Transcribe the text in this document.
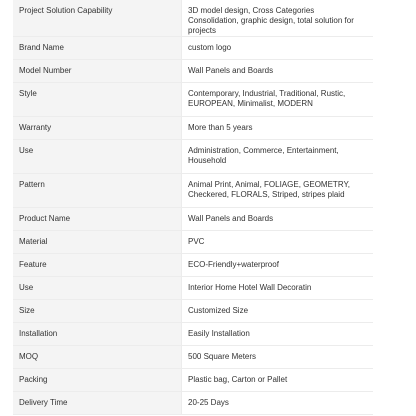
Project Solution Capability	3D model design, Cross Categories Consolidation, graphic design, total solution for projects
Brand Name	custom logo
Model Number	Wall Panels and Boards
Style	Contemporary, Industrial, Traditional, Rustic, EUROPEAN, Minimalist, MODERN
Warranty	More than 5 years
Use	Administration, Commerce, Entertainment, Household
Pattern	Animal Print, Animal, FOLIAGE, GEOMETRY, Checkered, FLORALS, Striped, stripes plaid
Product Name	Wall Panels and Boards
Material	PVC
Feature	ECO-Friendly+waterproof
Use	Interior Home Hotel Wall Decoratin
Size	Customized Size
Installation	Easily Installation
MOQ	500 Square Meters
Packing	Plastic bag, Carton or Pallet
Delivery Time	20-25 Days
